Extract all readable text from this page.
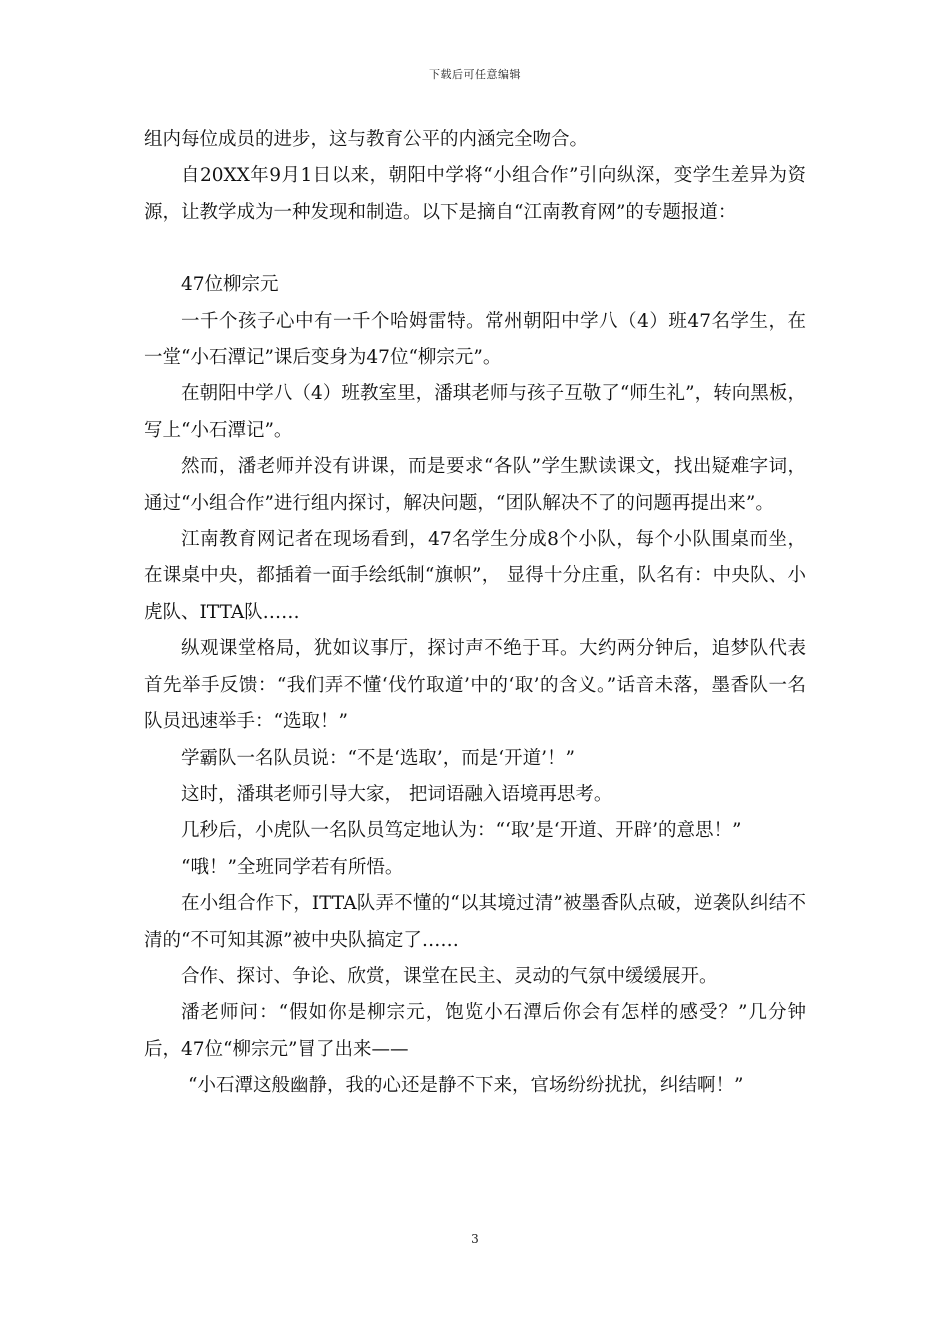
下载后可任意编辑

组内每位成员的进步，这与教育公平的内涵完全吻合。

自20XX年9月1日以来，朝阳中学将“小组合作”引向纵深，变学生差异为资源，让教学成为一种发现和制造。以下是摘自“江南教育网”的专题报道：

47位柳宗元

一千个孩子心中有一千个哈姆雷特。常州朝阳中学八（4）班47名学生，在一堂“小石潭记”课后变身为47位“柳宗元”。

在朝阳中学八（4）班教室里，潘琪老师与孩子互敬了“师生礼”，转向黑板，写上“小石潭记”。

然而，潘老师并没有讲课，而是要求“各队”学生默读课文，找出疑难字词，通过“小组合作”进行组内探讨，解决问题，“团队解决不了的问题再提出来”。

江南教育网记者在现场看到，47名学生分成8个小队，每个小队围桌而坐， 在课桌中央，都插着一面手绘纸制“旗帜”， 显得十分庄重，队名有：中央队、小虎队、ITTA队……

纵观课堂格局，犹如议事厅，探讨声不绝于耳。大约两分钟后，追梦队代表首先举手反馈：“我们弄不懂‘伐竹取道’中的‘取’的含义。”话音未落，墨香队一名队员迅速举手：“选取！”

学霸队一名队员说：“不是‘选取’，而是‘开道’！”

这时，潘琪老师引导大家， 把词语融入语境再思考。

几秒后，小虎队一名队员笃定地认为：“‘取’是‘开道、开辟’的意思！”

“哦！”全班同学若有所悟。

在小组合作下，ITTA队弄不懂的“以其境过清”被墨香队点破，逆袭队纠结不清的“不可知其源”被中央队搞定了……

合作、探讨、争论、欣赏，课堂在民主、灵动的气氛中缓缓展开。

潘老师问：“假如你是柳宗元，饱览小石潭后你会有怎样的感受？”几分钟后，47位“柳宗元”冒了出来——

“小石潭这般幽静，我的心还是静不下来，官场纷纷扰扰，纠结啊！”

3
